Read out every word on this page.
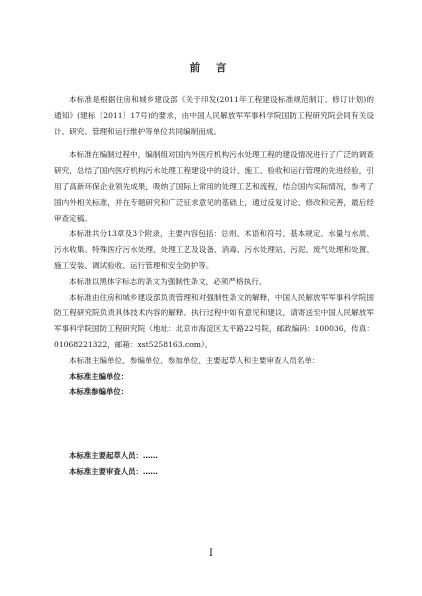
前 言

本标准是根据住房和城乡建设部《关于印发(2011年工程建设标准规范制订、修订计划)的通知》(建标〔2011〕17号)的要求，由中国人民解放军军事科学院国防工程研究院会同有关设计、研究、管理和运行维护等单位共同编制而成。

本标准在编制过程中，编制组对国内外医疗机构污水处理工程的建设情况进行了广泛的调查研究，总结了国内医疗机构污水处理工程建设中的设计、施工、验收和运行管理的先进经验，引用了高新环保企业领先成果，吸纳了国际上常用的处理工艺和流程，结合国内实际情况，参考了国内外相关标准，并在专题研究和广泛征求意见的基础上，通过反复讨论、修改和完善，最后经审查定稿。

本标准共分13章及3个附录，主要内容包括：总则、术语和符号、基本规定、水量与水质、污水收集、特殊医疗污水处理、处理工艺及设备、消毒、污水处理站、污泥、废气处理和处置、施工安装、调试验收、运行管理和安全防护等。

本标准以黑体字标志的条文为强制性条文，必须严格执行。

本标准由住房和城乡建设部负责管理和对强制性条文的解释，中国人民解放军军事科学院国防工程研究院负责具体技术内容的解释。执行过程中如有意见和建议，请寄送至中国人民解放军军事科学院国防工程研究院（地址：北京市海淀区太平路22号院，邮政编码：100036，传真：01068221322，邮箱：xst5258163.com）。

本标准主编单位、参编单位、参加单位、主要起草人和主要审查人员名单：

本标准主编单位：

本标准参编单位：

本标准主要起草人员：……

本标准主要审查人员：……

I
